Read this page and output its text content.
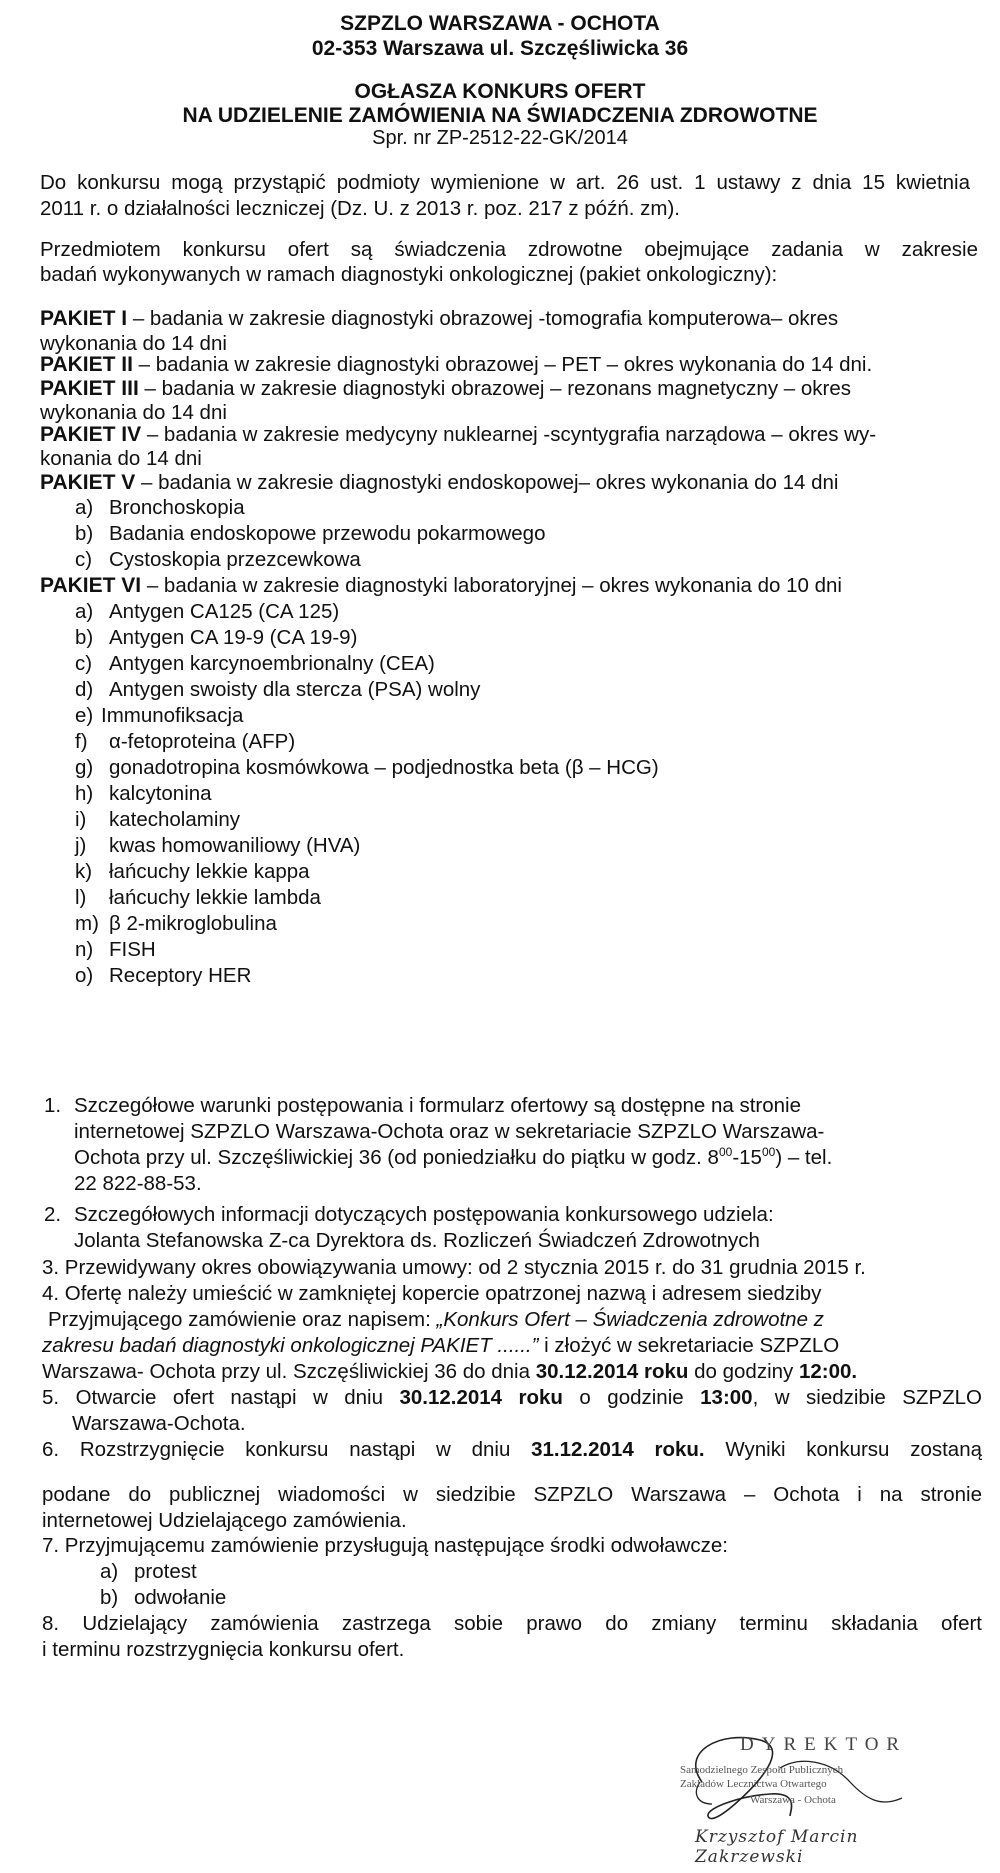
SZPZLO WARSZAWA - OCHOTA
02-353 Warszawa ul. Szczęśliwicka 36
OGŁASZA KONKURS OFERT
NA UDZIELENIE ZAMÓWIENIA NA ŚWIADCZENIA ZDROWOTNE
Spr. nr ZP-2512-22-GK/2014
Do konkursu mogą przystąpić podmioty wymienione w art. 26 ust. 1 ustawy z dnia 15 kwietnia
2011 r. o działalności leczniczej (Dz. U. z 2013 r. poz. 217 z późń. zm).
Przedmiotem konkursu ofert są świadczenia zdrowotne obejmujące zadania w zakresie
badań wykonywanych w ramach diagnostyki onkologicznej (pakiet onkologiczny):
PAKIET I – badania w zakresie diagnostyki obrazowej -tomografia komputerowa– okres
wykonania do 14 dni
PAKIET II – badania w zakresie diagnostyki obrazowej – PET – okres wykonania do 14 dni.
PAKIET III – badania w zakresie diagnostyki obrazowej – rezonans magnetyczny – okres
wykonania do 14 dni
PAKIET IV – badania w zakresie medycyny nuklearnej -scyntygrafia narządowa – okres wy-
konania do 14 dni
PAKIET V – badania w zakresie diagnostyki endoskopowej– okres wykonania do 14 dni
a) Bronchoskopia
b) Badania endoskopowe przewodu pokarmowego
c) Cystoskopia przezcewkowa
PAKIET VI – badania w zakresie diagnostyki laboratoryjnej – okres wykonania do 10 dni
a) Antygen CA125 (CA 125)
b) Antygen CA 19-9 (CA 19-9)
c) Antygen karcynoembrionalny (CEA)
d) Antygen swoisty dla stercza (PSA) wolny
e) Immunofiksacja
f) α-fetoproteina (AFP)
g) gonadotropina kosmówkowa – podjednostka beta (β – HCG)
h) kalcytonina
i) katecholaminy
j) kwas homowaniliowy (HVA)
k) łańcuchy lekkie kappa
l) łańcuchy lekkie lambda
m) β 2-mikroglobulina
n) FISH
o) Receptory HER
1. Szczegółowe warunki postępowania i formularz ofertowy są dostępne na stronie
internetowej SZPZLO Warszawa-Ochota oraz w sekretariacie SZPZLO Warszawa-
Ochota przy ul. Szczęśliwickiej 36 (od poniedziałku do piątku w godz. $8^{00}-15^{00}$) – tel.
22 822-88-53.
2. Szczegółowych informacji dotyczących postępowania konkursowego udziela:
Jolanta Stefanowska Z-ca Dyrektora ds. Rozliczeń Świadczeń Zdrowotnych
3. Przewidywany okres obowiązywania umowy: od 2 stycznia 2015 r. do 31 grudnia 2015 r.
4. Ofertę należy umieścić w zamkniętej kopercie opatrzonej nazwą i adresem siedziby
Przyjmującego zamówienie oraz napisem: „Konkurs Ofert – Świadczenia zdrowotne z
zakresu badań diagnostyki onkologicznej PAKIET ......” i złożyć w sekretariacie SZPZLO
Warszawa- Ochota przy ul. Szczęśliwickiej 36 do dnia 30.12.2014 roku do godziny 12:00.
5. Otwarcie ofert nastąpi w dniu 30.12.2014 roku o godzinie 13:00, w siedzibie SZPZLO
Warszawa-Ochota.
6. Rozstrzygnięcie konkursu nastąpi w dniu 31.12.2014 roku. Wyniki konkursu zostaną
podane do publicznej wiadomości w siedzibie SZPZLO Warszawa – Ochota i na stronie
internetowej Udzielającego zamówienia.
7. Przyjmującemu zamówienie przysługują następujące środki odwoławcze:
a) protest
b) odwołanie
8. Udzielający zamówienia zastrzega sobie prawo do zmiany terminu składania ofert
i terminu rozstrzygnięcia konkursu ofert.
DYREKTOR
Samodzielnego Zespołu Publicznych
Zakładów Lecznictwa Otwartego
Warszawa - Ochota
Krzysztof Marcin Zakrzewski
